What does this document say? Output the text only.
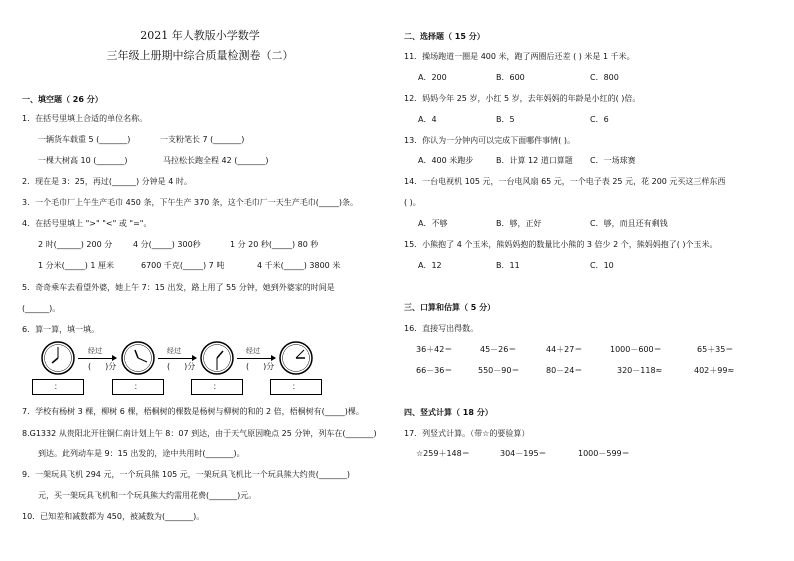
2021 年人教版小学数学
三年级上册期中综合质量检测卷（二）
一、填空题（ 26 分）
1．在括号里填上合适的单位名称。
一辆货车载重 5 (_______)	一支粉笔长 7 (_______)
一棵大树高 10 (_______)	马拉松长跑全程 42 (_______)
2．现在是 3：25，再过(______) 分钟是 4 时。
3．一个毛巾厂上午生产毛巾 450 条，下午生产 370 条，这个毛巾厂一天生产毛巾(_____)条。
4．在括号里填上 ">" "<" 或 "="。
2 时(______) 200 分	4 分(_____) 300秒	1 分 20 秒(_____) 80 秒
1 分米(_____) 1 厘米	6700 千克(_____) 7 吨	4 千米(_____) 3800 米
5．奇奇乘车去看望外婆，她上午 7：15 出发，路上用了 55 分钟，她到外婆家的时间是
(______)。
6．算一算，填一填。
经过
( )分
经过
( )分
经过
( )分
：	：	：	：
7．学校有杨树 3 棵，柳树 6 棵，梧桐树的棵数是杨树与柳树的和的 2 倍，梧桐树有(_____)棵。
8.G1332 从贵阳北开往铜仁南计划上午 8：07 到达，由于天气原因晚点 25 分钟，列车在(_______)
到达。此列动车是 9：15 出发的，途中共用时(_______)。
9．一架玩具飞机 294 元，一个玩具熊 105 元，一架玩具飞机比一个玩具熊大约贵(_______)
元，买一架玩具飞机和一个玩具熊大约需用花费(_______)元。
10．已知差和减数都为 450，被减数为(_______)。
二、选择题（ 15 分）
11．操场跑道一圈是 400 米，跑了两圈后还差 ( ) 米是 1 千米。
A．200	B．600	C．800
12．妈妈今年 25 岁，小红 5 岁，去年妈妈的年龄是小红的( )倍。
A．4	B．5	C．6
13．你认为一分钟内可以完成下面哪件事情( )。
A．400 米跑步	B．计算 12 道口算题 C．一场球赛
14．一台电视机 105 元，一台电风扇 65 元，一个电子表 25 元，花 200 元买这三样东西
( )。
A．不够	B．够，正好	C．够，而且还有剩钱
15．小熊抱了 4 个玉米，熊妈妈抱的数量比小熊的 3 倍少 2 个，熊妈妈抱了( )个玉米。
A．12	B．11	C．10
三、口算和估算（ 5 分）
16．直接写出得数。
36＋42＝	45－26＝	44＋27＝	1000－600＝	65＋35＝
66－36＝	550－90＝	80－24＝	320－118≈	402＋99≈
四、竖式计算（ 18 分）
17．列竖式计算。（带☆的要验算）
☆259＋148＝	304－195＝	1000－599＝
